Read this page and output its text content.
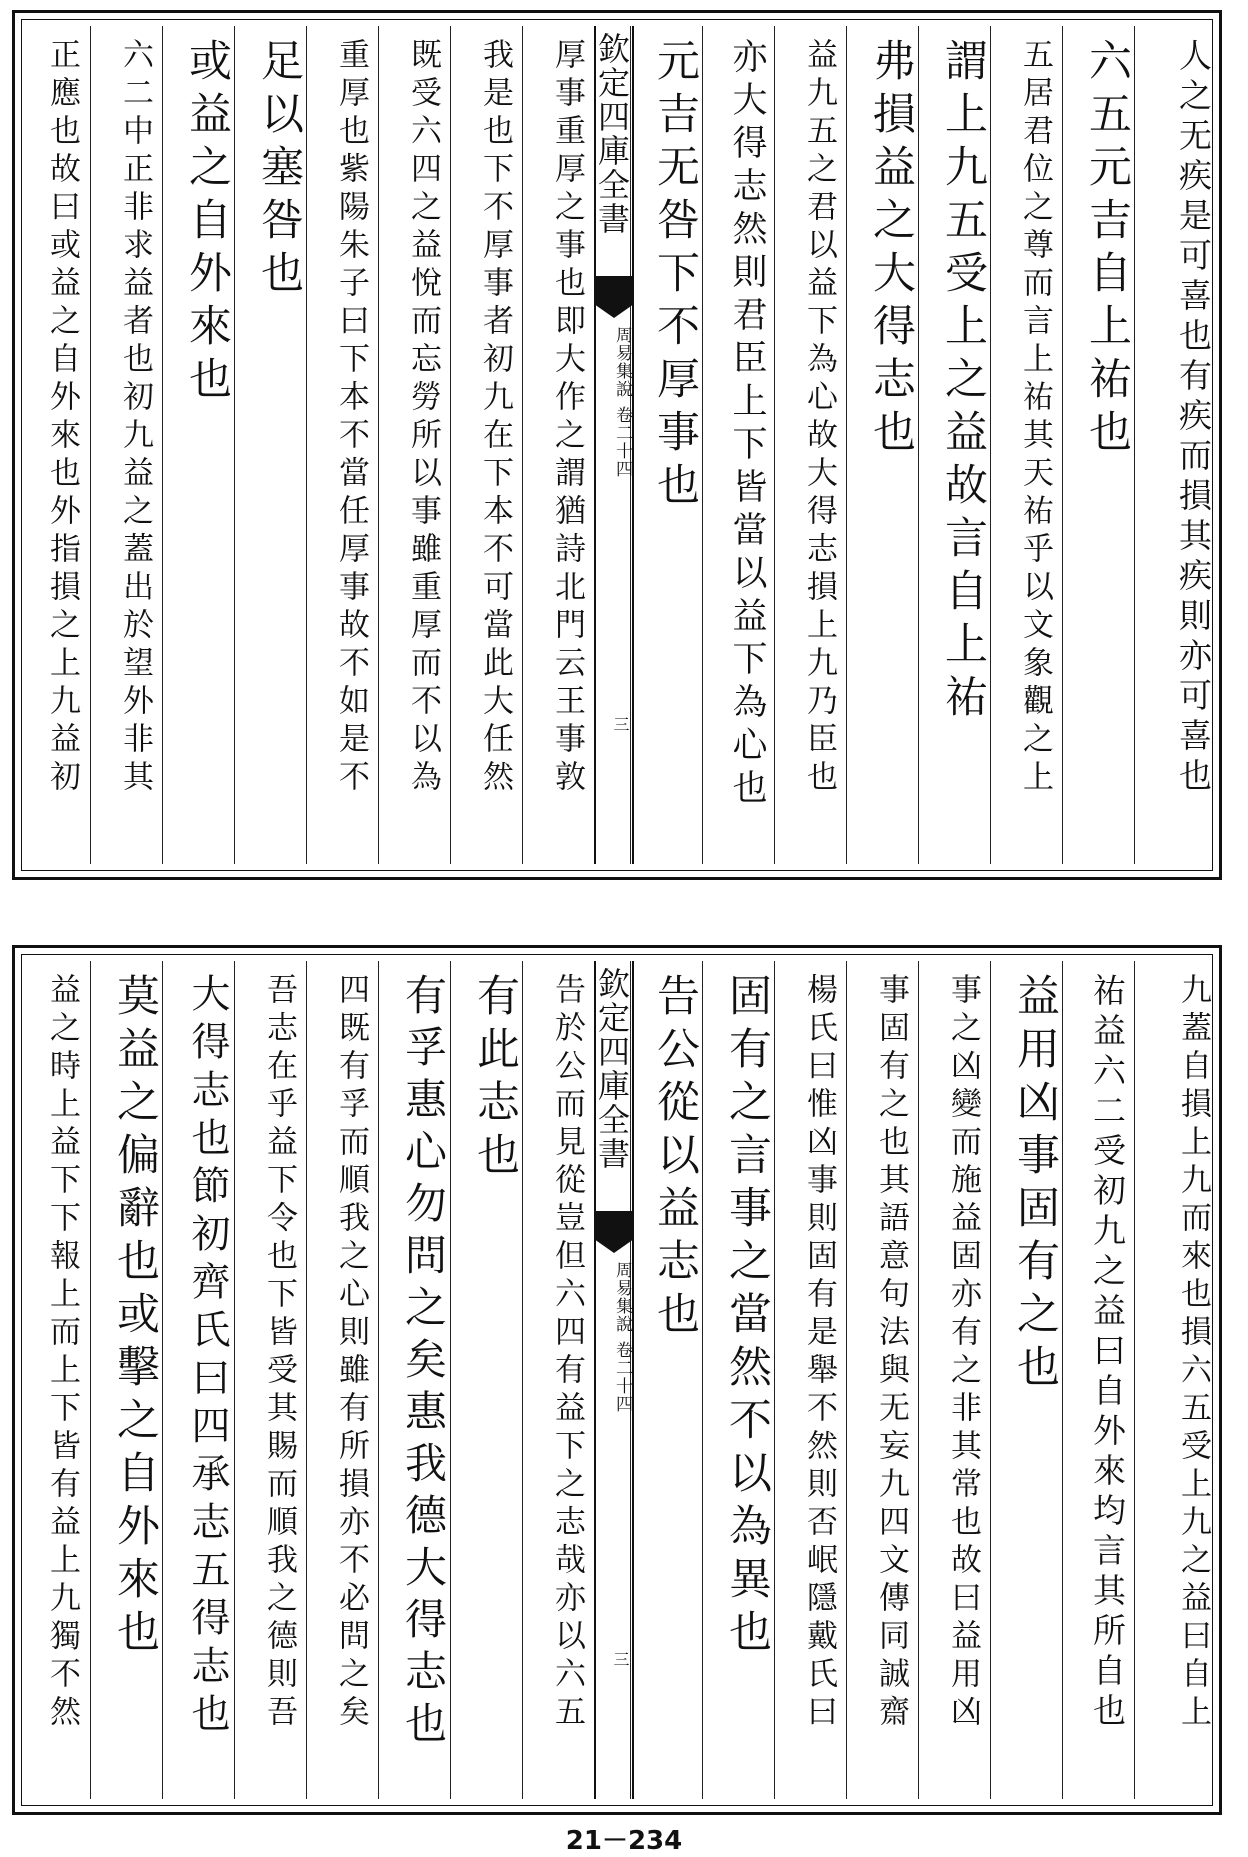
人之无疾是可喜也有疾而損其疾則亦可喜也
六五元吉自上祐也
五居君位之尊而言上祐其天祐乎以文象觀之上
謂上九五受上之益故言自上祐
弗損益之大得志也
益九五之君以益下為心故大得志損上九乃臣也
亦大得志然則君臣上下皆當以益下為心也
元吉无咎下不厚事也
欽定四庫全書
周易集說
卷二十四
三
厚事重厚之事也即大作之謂猶詩北門云王事敦
我是也下不厚事者初九在下本不可當此大任然
既受六四之益悅而忘勞所以事雖重厚而不以為
重厚也紫陽朱子曰下本不當任厚事故不如是不
足以塞咎也
或益之自外來也
六二中正非求益者也初九益之蓋出於望外非其
正應也故曰或益之自外來也外指損之上九益初
九蓋自損上九而來也損六五受上九之益曰自上
祐益六二受初九之益曰自外來均言其所自也
益用凶事固有之也
事之凶變而施益固亦有之非其常也故曰益用凶
事固有之也其語意句法與无妄九四文傳同誠齋
楊氏曰惟凶事則固有是舉不然則否岷隱戴氏曰
固有之言事之當然不以為異也
告公從以益志也
欽定四庫全書
周易集說
卷二十四
三
告於公而見從豈但六四有益下之志哉亦以六五
有此志也
有孚惠心勿問之矣惠我德大得志也
四既有孚而順我之心則雖有所損亦不必問之矣
吾志在乎益下令也下皆受其賜而順我之德則吾
大得志也節初齊氏曰四承志五得志也
莫益之偏辭也或擊之自外來也
益之時上益下下報上而上下皆有益上九獨不然
21－234
